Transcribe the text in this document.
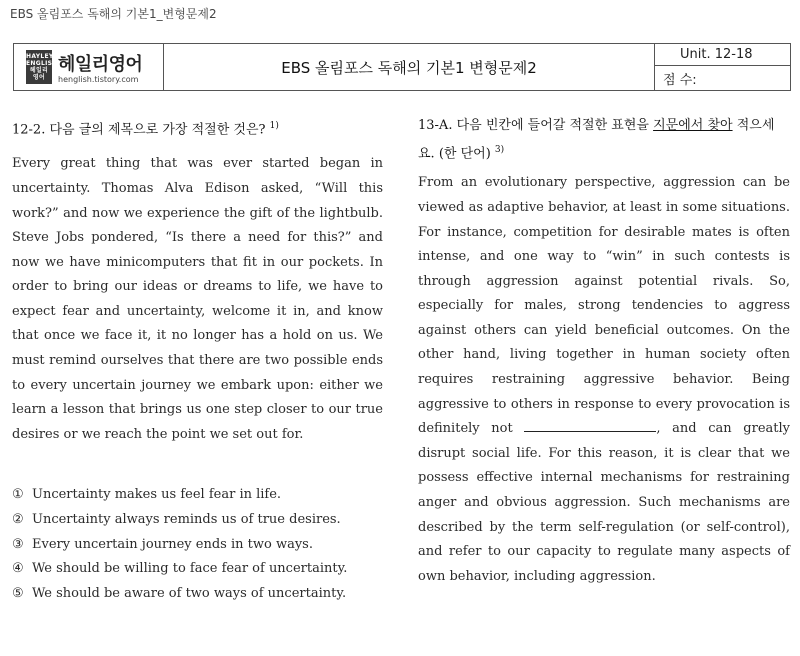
EBS 올림포스 독해의 기본1_변형문제2
HAYLEY ENGLISH 헤일리 영어
헤일리영어
henglish.tistory.com
EBS 올림포스 독해의 기본1 변형문제2
Unit. 12-18
점 수:
12-2. 다음 글의 제목으로 가장 적절한 것은? $^{1)}$

Every great thing that was ever started began in uncertainty. Thomas Alva Edison asked, “Will this work?” and now we experience the gift of the lightbulb. Steve Jobs pondered, “Is there a need for this?” and now we have minicomputers that fit in our pockets. In order to bring our ideas or dreams to life, we have to expect fear and uncertainty, welcome it in, and know that once we face it, it no longer has a hold on us. We must remind ourselves that there are two possible ends to every uncertain journey we embark upon: either we learn a lesson that brings us one step closer to our true desires or we reach the point we set out for.

① Uncertainty makes us feel fear in life.
② Uncertainty always reminds us of true desires.
③ Every uncertain journey ends in two ways.
④ We should be willing to face fear of uncertainty.
⑤ We should be aware of two ways of uncertainty.
13-A. 다음 빈칸에 들어갈 적절한 표현을 지문에서 찾아 적으세요. (한 단어) $^{3)}$

From an evolutionary perspective, aggression can be viewed as adaptive behavior, at least in some situations. For instance, competition for desirable mates is often intense, and one way to “win” in such contests is through aggression against potential rivals. So, especially for males, strong tendencies to aggress against others can yield beneficial outcomes. On the other hand, living together in human society often requires restraining aggressive behavior. Being aggressive to others in response to every provocation is definitely not	, and can greatly disrupt social life. For this reason, it is clear that we possess effective internal mechanisms for restraining anger and obvious aggression. Such mechanisms are described by the term self-regulation (or self-control), and refer to our capacity to regulate many aspects of own behavior, including aggression.
